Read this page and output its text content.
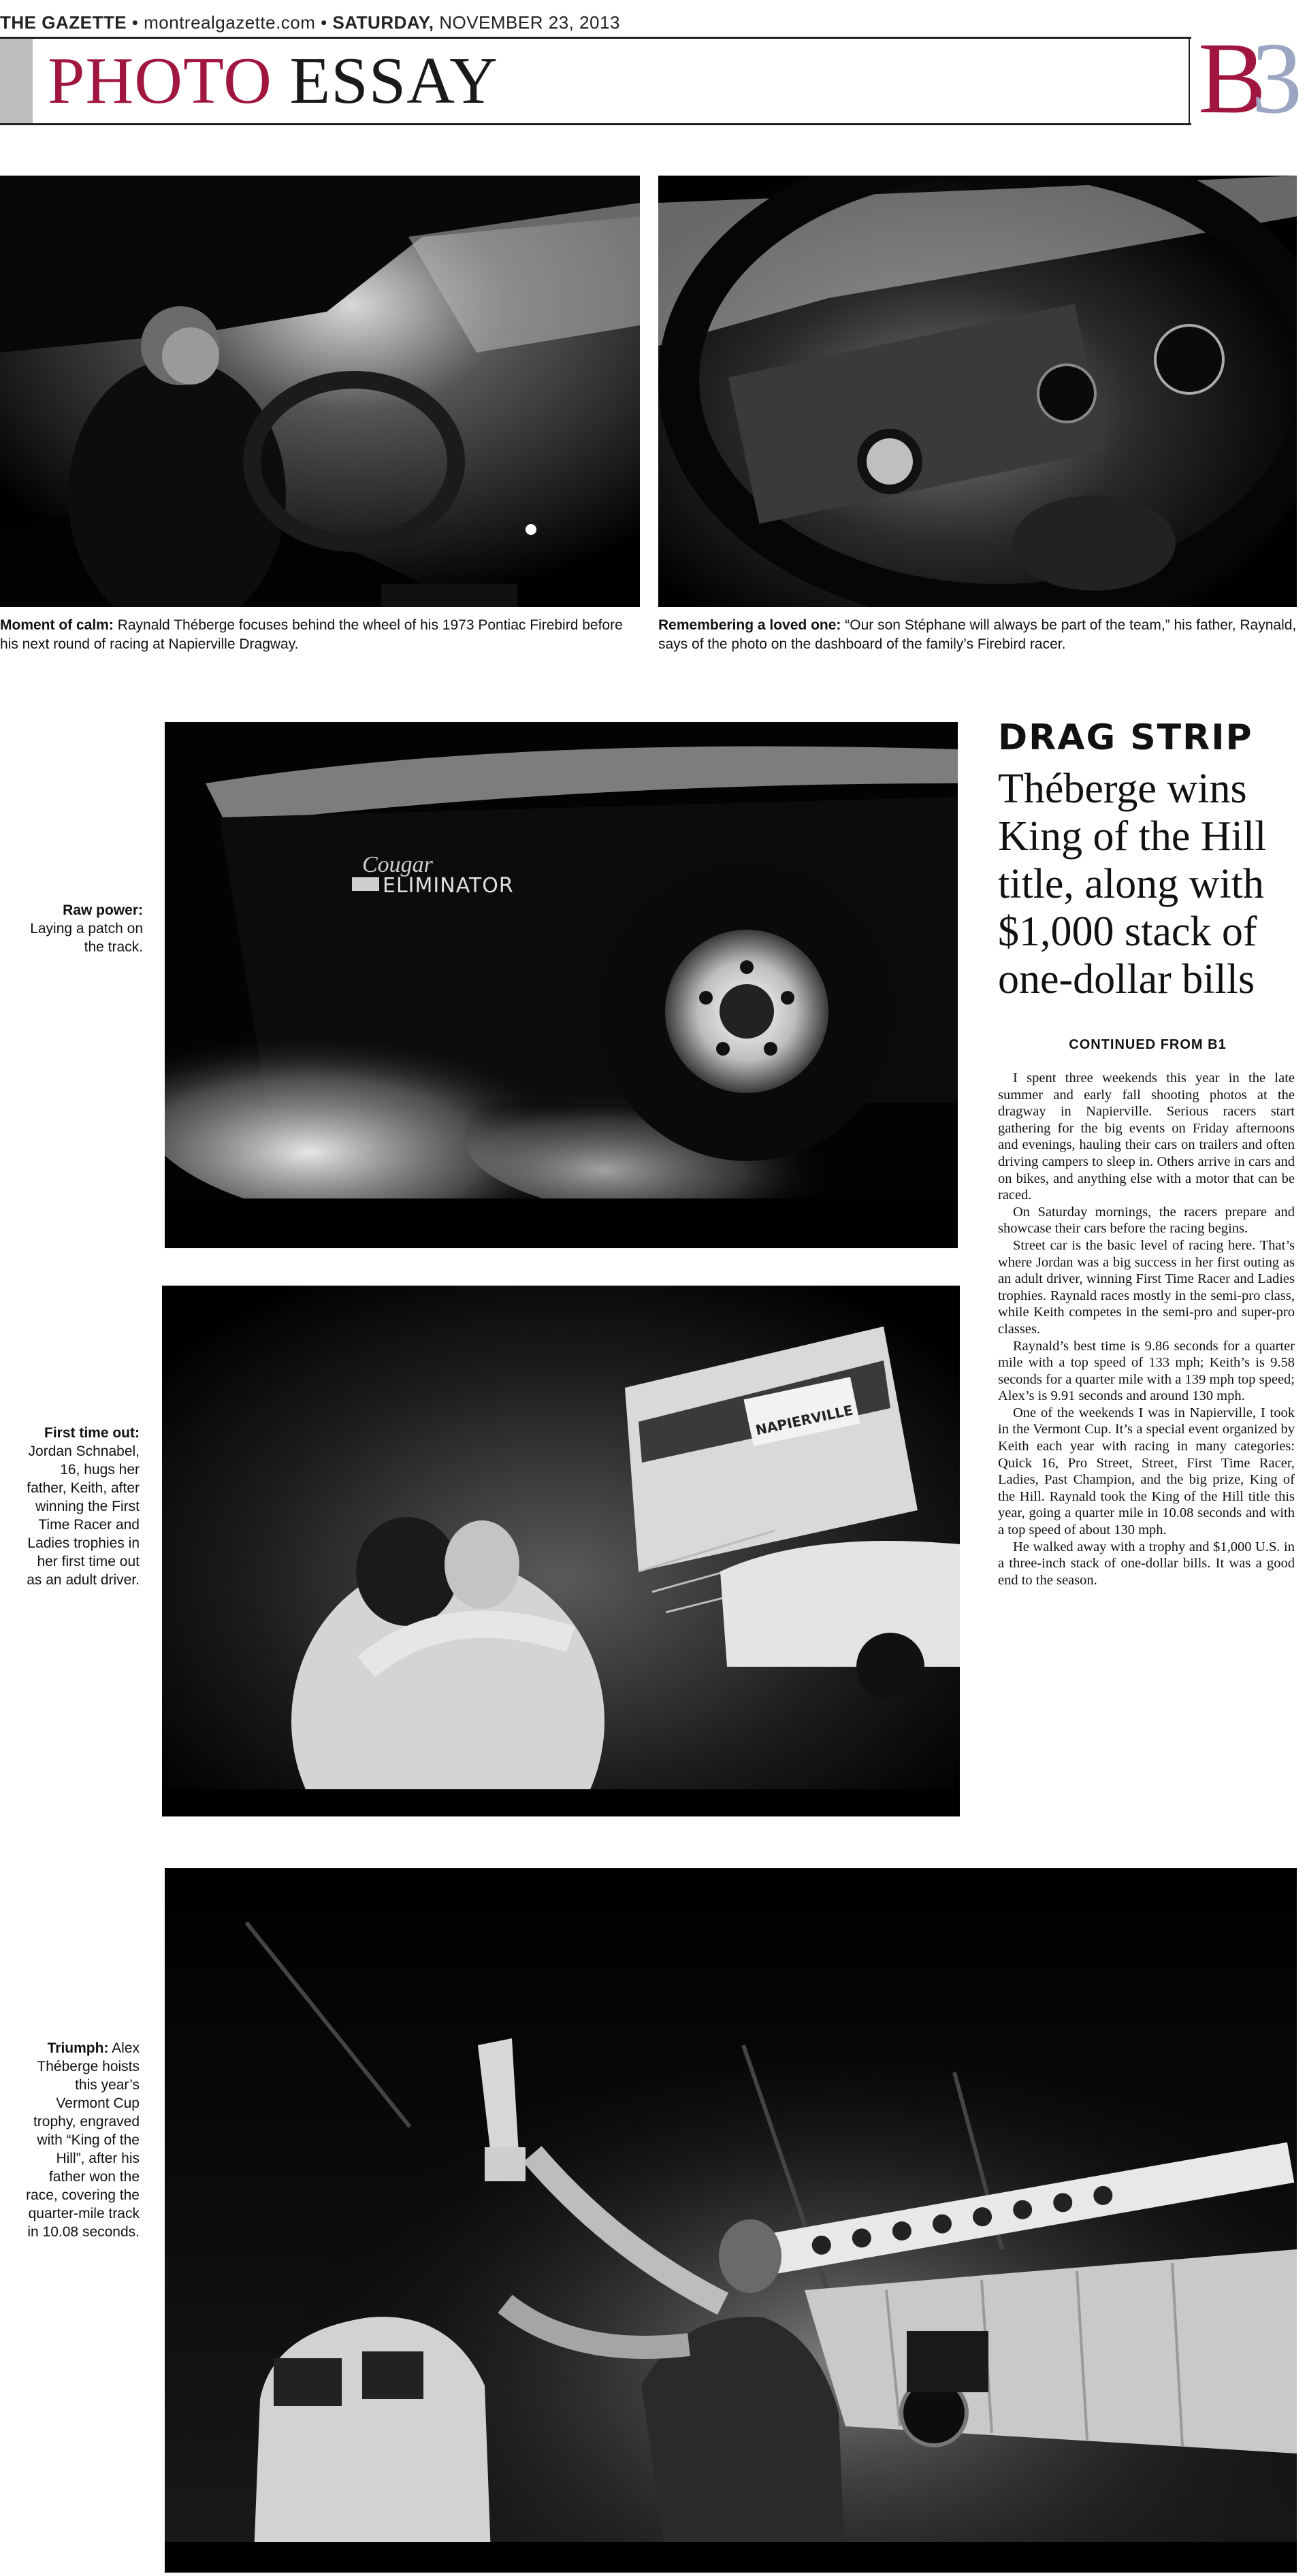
THE GAZETTE • montrealgazette.com • SATURDAY, NOVEMBER 23, 2013
PHOTO ESSAY	B3
Moment of calm: Raynald Théberge focuses behind the wheel of his 1973 Pontiac Firebird before his next round of racing at Napierville Dragway.
Remembering a loved one: “Our son Stéphane will always be part of the team,” his father, Raynald, says of the photo on the dashboard of the family’s Firebird racer.
Raw power:
Laying a patch on the track.
Cougar
ELIMINATOR
DRAG STRIP
Théberge wins King of the Hill title, along with $1,000 stack of one-dollar bills
CONTINUED FROM B1

I spent three weekends this year in the late summer and early fall shooting photos at the dragway in Napierville. Serious racers start gathering for the big events on Friday afternoons and evenings, hauling their cars on trailers and often driving campers to sleep in. Others arrive in cars and on bikes, and anything else with a motor that can be raced.

On Saturday mornings, the racers prepare and showcase their cars before the racing begins.

Street car is the basic level of racing here. That’s where Jordan was a big success in her first outing as an adult driver, winning First Time Racer and Ladies trophies. Raynald races mostly in the semi-pro class, while Keith competes in the semi-pro and super-pro classes.

Raynald’s best time is 9.86 seconds for a quarter mile with a top speed of 133 mph; Keith’s is 9.58 seconds for a quarter mile with a 139 mph top speed; Alex’s is 9.91 seconds and around 130 mph.

One of the weekends I was in Napierville, I took in the Vermont Cup. It’s a special event organized by Keith each year with racing in many categories: Quick 16, Pro Street, Street, First Time Racer, Ladies, Past Champion, and the big prize, King of the Hill. Raynald took the King of the Hill title this year, going a quarter mile in 10.08 seconds and with a top speed of about 130 mph.

He walked away with a trophy and $1,000 U.S. in a three-inch stack of one-dollar bills. It was a good end to the season.

First time out:
Jordan Schnabel, 16, hugs her father, Keith, after winning the First Time Racer and Ladies trophies in her first time out as an adult driver.
NAPIERVILLE
Triumph: Alex Théberge hoists this year’s Vermont Cup trophy, engraved with “King of the Hill”, after his father won the race, covering the quarter-mile track in 10.08 seconds.
